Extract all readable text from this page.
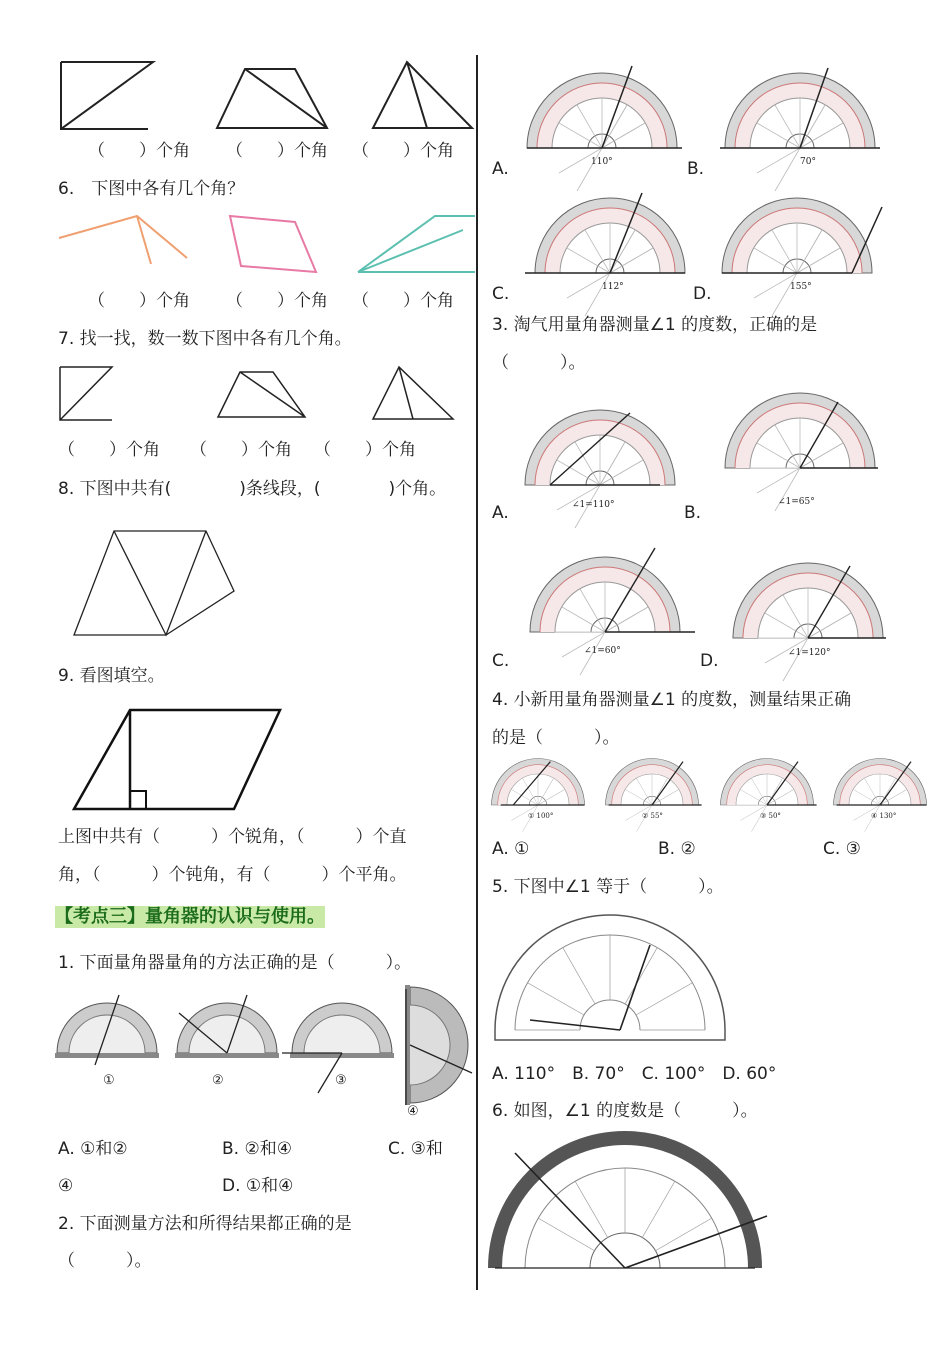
（　　）个角 （　　）个角 （　　）个角
6.　下图中各有几个角？
（　　）个角 （　　）个角 （　　）个角
7. 找一找，数一数下图中各有几个角。
（　　）个角 （　　）个角 （　　）个角
8. 下图中共有(　　　　)条线段，(　　　　)个角。
9. 看图填空。
上图中共有（　　　）个锐角，（　　　）个直
角，（　　　）个钝角，有（　　　）个平角。
【考点三】量角器的认识与使用。
1. 下面量角器量角的方法正确的是（　　　）。
①	②	③
④
A. ①和②	B. ②和④	C. ③和
④	D. ①和④
2. 下面测量方法和所得结果都正确的是
（　　　）。
110°	70°
112°	155°
A.	B.
C.	D.
3. 淘气用量角器测量∠1 的度数，正确的是
（　　　）。
∠1=110°	∠1=65°
∠1=60°	∠1=120°
A.	B.
C.	D.
4. 小新用量角器测量∠1 的度数，测量结果正确
的是（　　　）。
① 100°	② 55°	③ 50°	④ 130°
A. ①	B. ②	C. ③
5. 下图中∠1 等于（　　　）。
A. 110°　B. 70°　C. 100°　D. 60°
6. 如图，∠1 的度数是（　　　）。
